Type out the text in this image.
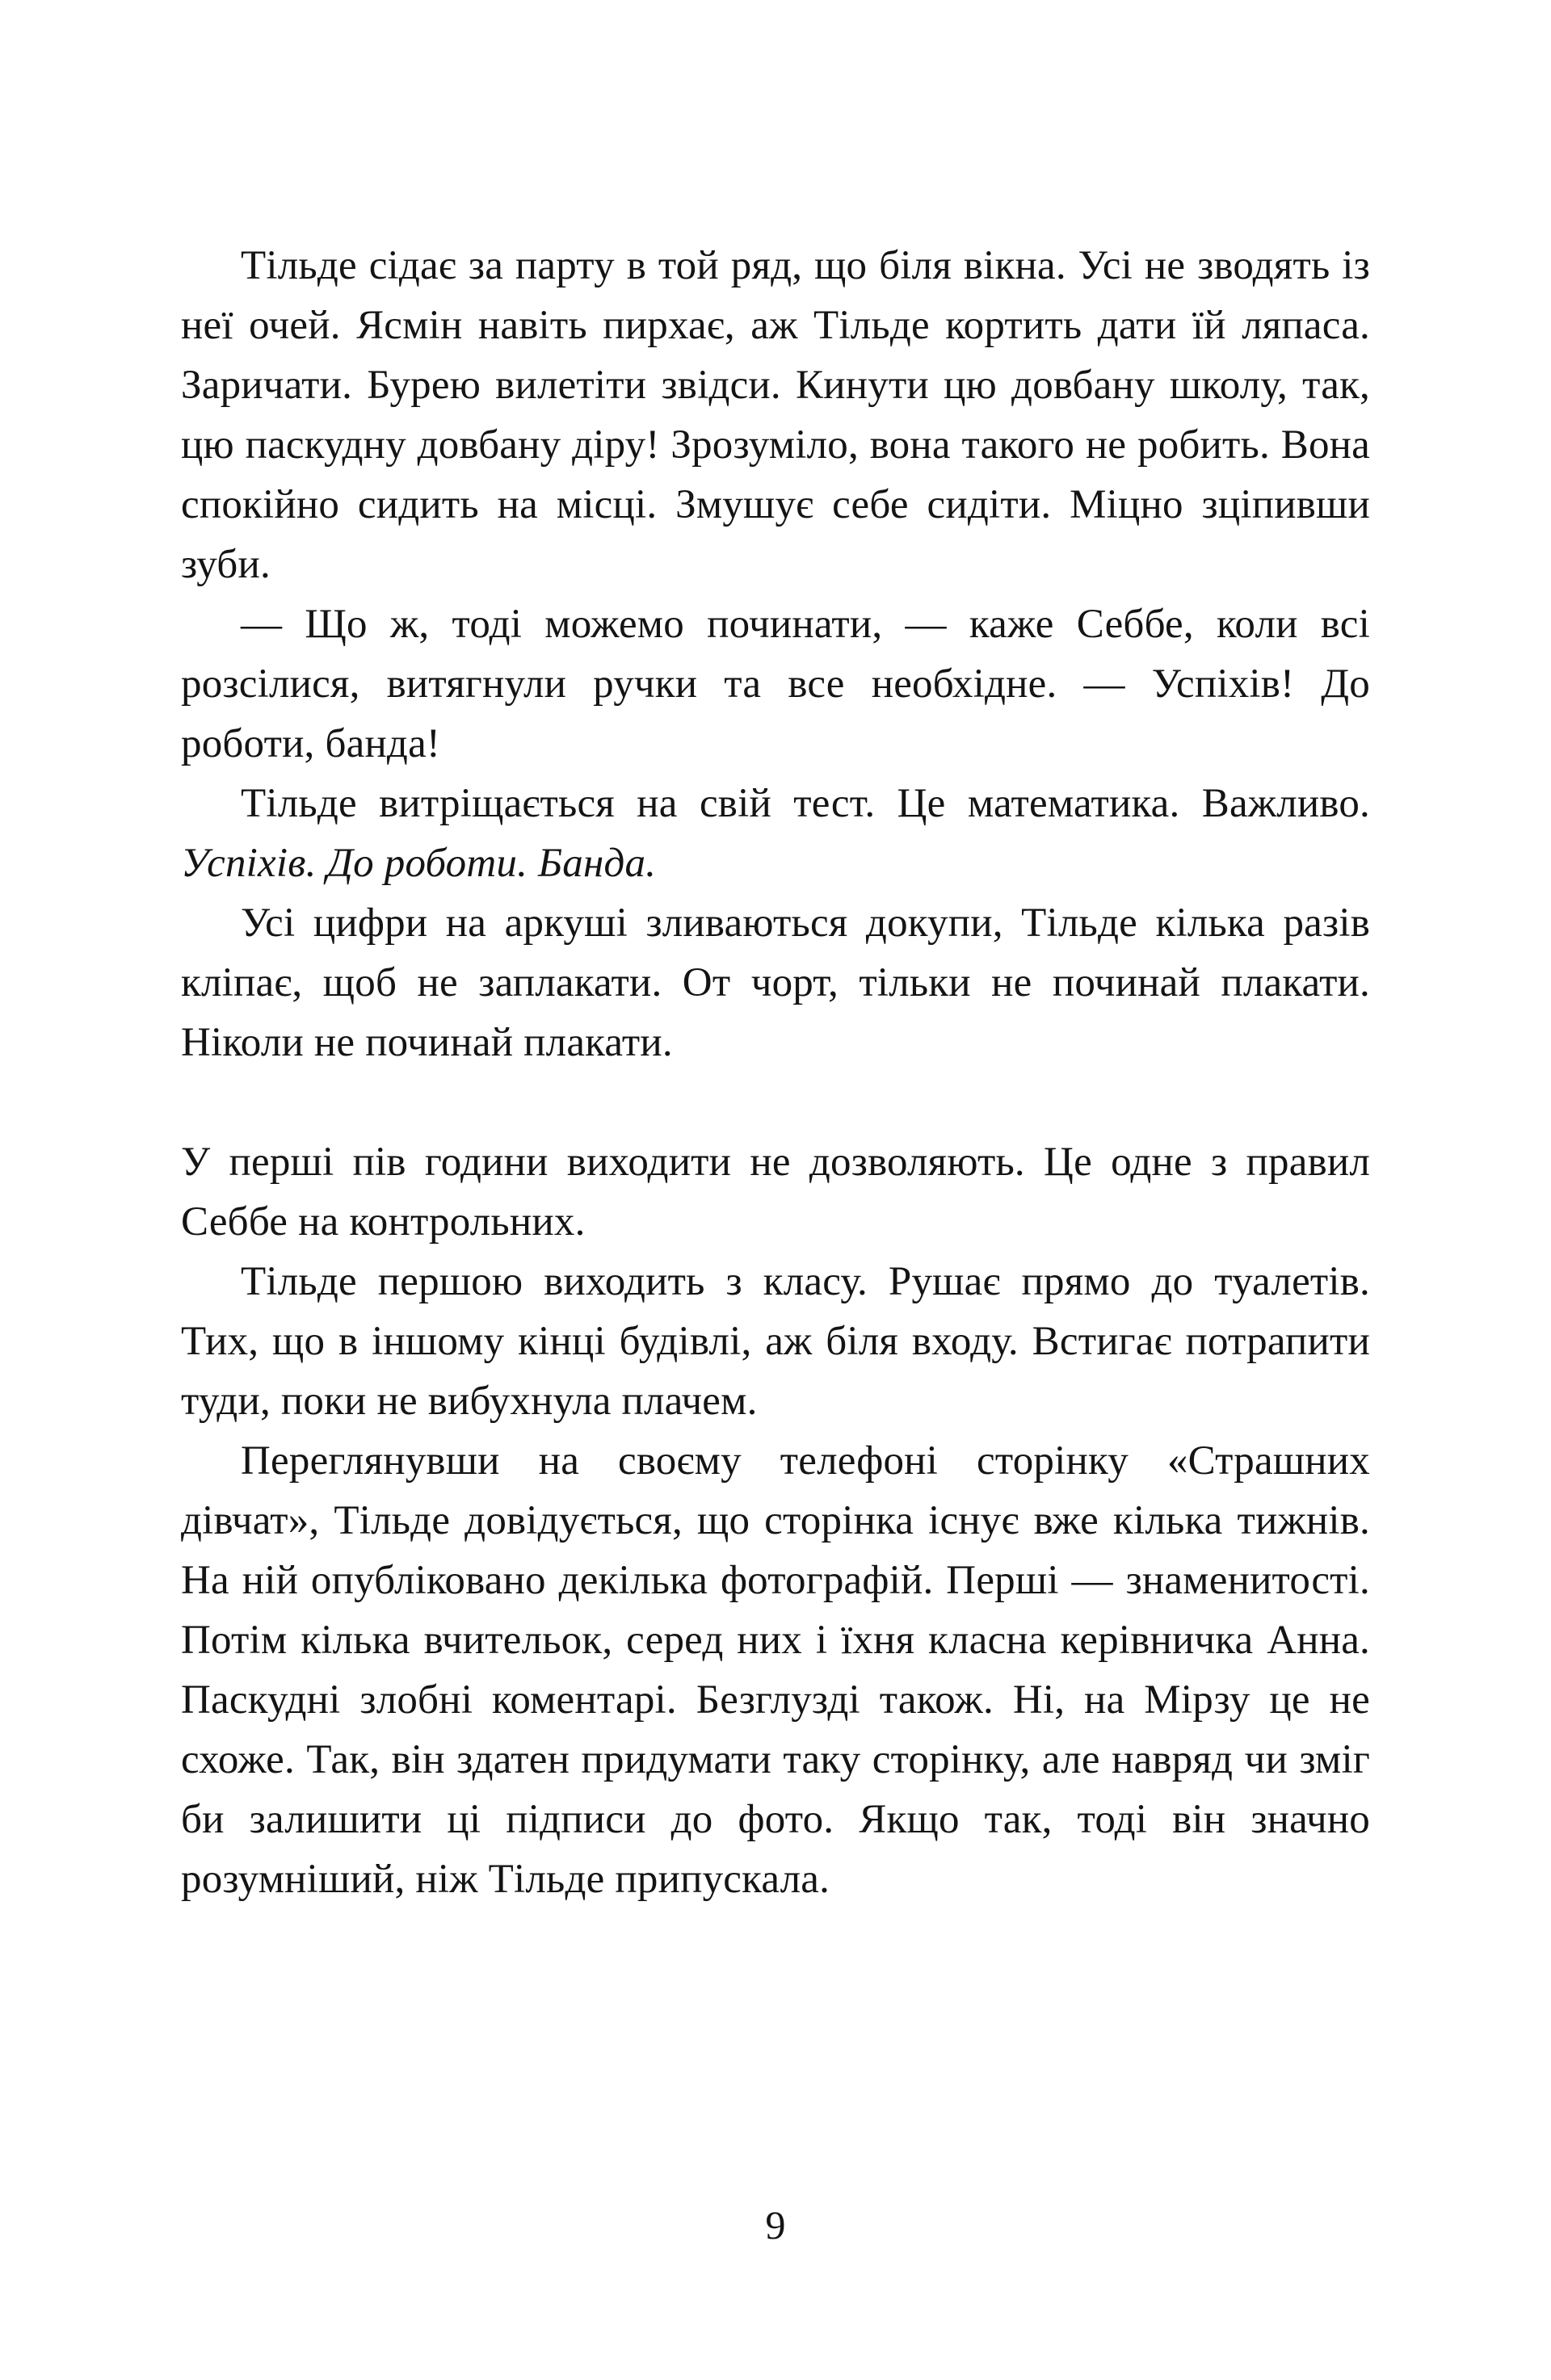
Тільде сідає за парту в той ряд, що біля вікна. Усі не зводять із неї очей. Ясмін навіть пирхає, аж Тільде кортить дати їй ляпаса. Заричати. Бурею вилетіти звідси. Кинути цю довбану школу, так, цю паскудну довбану діру! Зрозуміло, вона такого не робить. Вона спокійно сидить на місці. Змушує себе сидіти. Міцно зціпивши зуби.

— Що ж, тоді можемо починати, — каже Себбе, коли всі розсілися, витягнули ручки та все необхідне. — Успіхів! До роботи, банда!

Тільде витріщається на свій тест. Це математика. Важливо. Успіхів. До роботи. Банда.

Усі цифри на аркуші зливаються докупи, Тільде кілька разів кліпає, щоб не заплакати. От чорт, тільки не починай плакати. Ніколи не починай плакати.

У перші пів години виходити не дозволяють. Це одне з правил Себбе на контрольних.

Тільде першою виходить з класу. Рушає прямо до туалетів. Тих, що в іншому кінці будівлі, аж біля входу. Встигає потрапити туди, поки не вибухнула плачем.

Переглянувши на своєму телефоні сторінку «Страшних дівчат», Тільде довідується, що сторінка існує вже кілька тижнів. На ній опубліковано декілька фотографій. Перші — знаменитості. Потім кілька вчительок, серед них і їхня класна керівничка Анна. Паскудні злобні коментарі. Безглузді також. Ні, на Мірзу це не схоже. Так, він здатен придумати таку сторінку, але навряд чи зміг би залишити ці підписи до фото. Якщо так, тоді він значно розумніший, ніж Тільде припускала.

9
